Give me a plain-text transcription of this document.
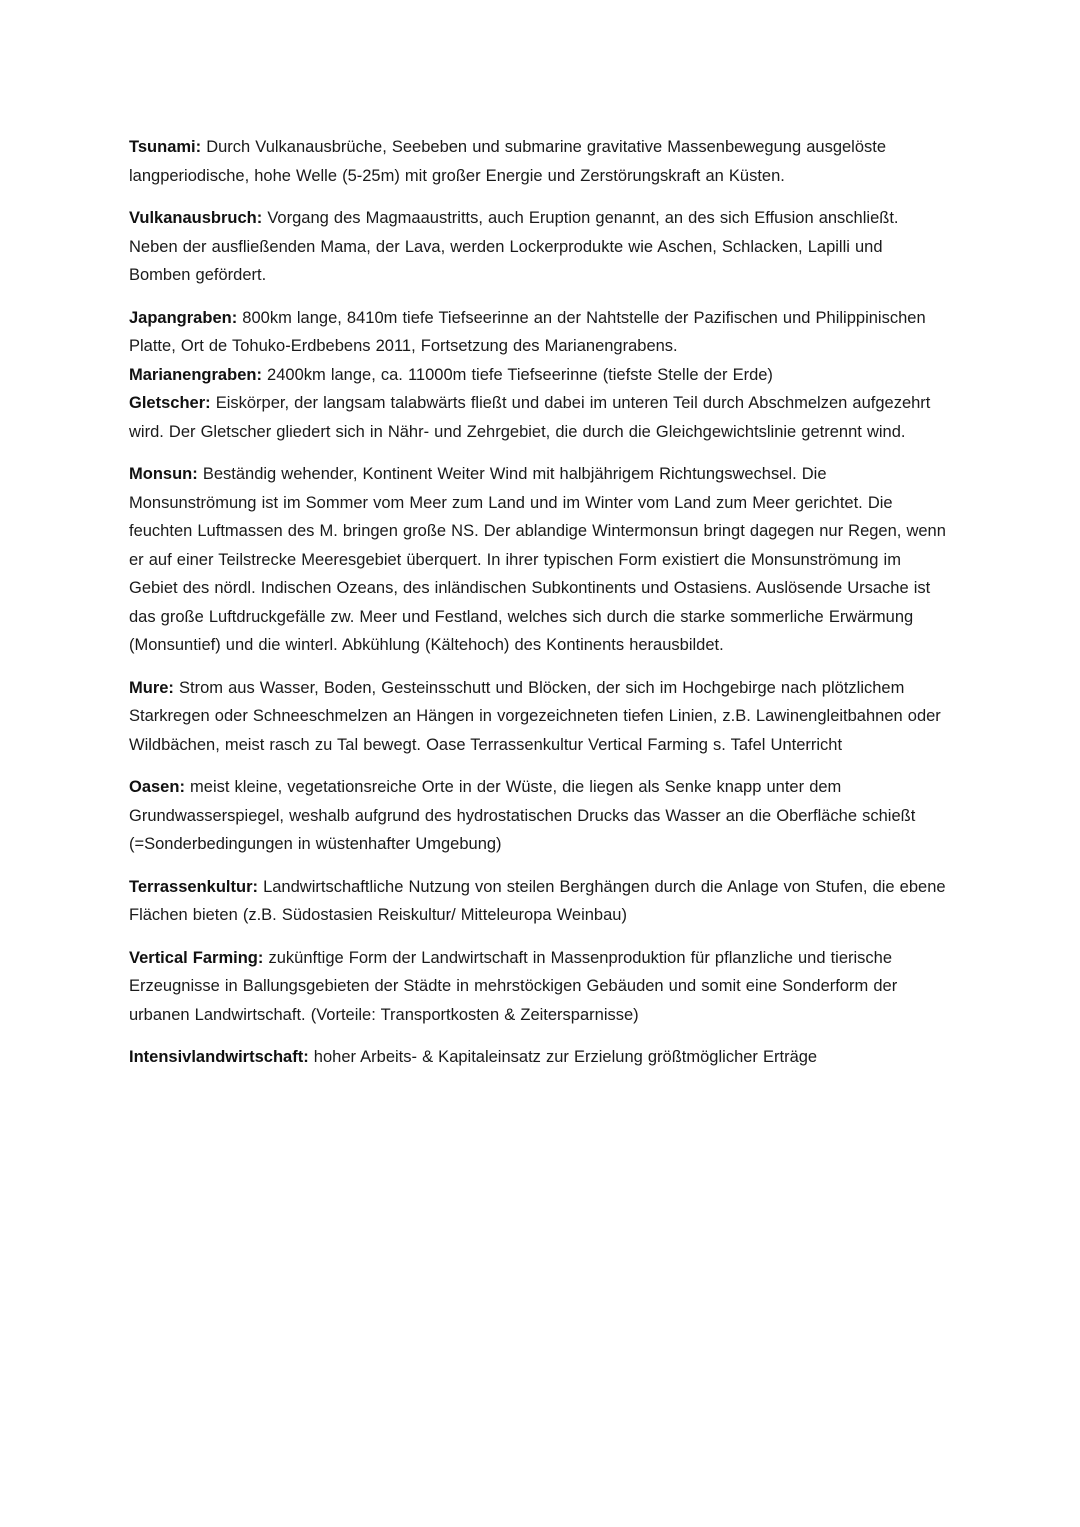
Tsunami: Durch Vulkanausbrüche, Seebeben und submarine gravitative Massenbewegung ausgelöste langperiodische, hohe Welle (5-25m) mit großer Energie und Zerstörungskraft an Küsten.

Vulkanausbruch: Vorgang des Magmaaustritts, auch Eruption genannt, an des sich Effusion anschließt. Neben der ausfließenden Mama, der Lava, werden Lockerprodukte wie Aschen, Schlacken, Lapilli und Bomben gefördert.

Japangraben: 800km lange, 8410m tiefe Tiefseerinne an der Nahtstelle der Pazifischen und Philippinischen Platte, Ort de Tohuko-Erdbebens 2011, Fortsetzung des Marianengrabens.
Marianengraben: 2400km lange, ca. 11000m tiefe Tiefseerinne (tiefste Stelle der Erde)
Gletscher: Eiskörper, der langsam talabwärts fließt und dabei im unteren Teil durch Abschmelzen aufgezehrt wird. Der Gletscher gliedert sich in Nähr- und Zehrgebiet, die durch die Gleichgewichtslinie getrennt wind.

Monsun: Beständig wehender, Kontinent Weiter Wind mit halbjährigem Richtungswechsel. Die Monsunströmung ist im Sommer vom Meer zum Land und im Winter vom Land zum Meer gerichtet. Die feuchten Luftmassen des M. bringen große NS. Der ablandige Wintermonsun bringt dagegen nur Regen, wenn er auf einer Teilstrecke Meeresgebiet überquert. In ihrer typischen Form existiert die Monsunströmung im Gebiet des nördl. Indischen Ozeans, des inländischen Subkontinents und Ostasiens. Auslösende Ursache ist das große Luftdruckgefälle zw. Meer und Festland, welches sich durch die starke sommerliche Erwärmung (Monsuntief) und die winterl. Abkühlung (Kältehoch) des Kontinents herausbildet.

Mure: Strom aus Wasser, Boden, Gesteinsschutt und Blöcken, der sich im Hochgebirge nach plötzlichem Starkregen oder Schneeschmelzen an Hängen in vorgezeichneten tiefen Linien, z.B. Lawinengleitbahnen oder Wildbächen, meist rasch zu Tal bewegt. Oase Terrassenkultur Vertical Farming s. Tafel Unterricht

Oasen: meist kleine, vegetationsreiche Orte in der Wüste, die liegen als Senke knapp unter dem Grundwasserspiegel, weshalb aufgrund des hydrostatischen Drucks das Wasser an die Oberfläche schießt (=Sonderbedingungen in wüstenhafter Umgebung)

Terrassenkultur: Landwirtschaftliche Nutzung von steilen Berghängen durch die Anlage von Stufen, die ebene Flächen bieten (z.B. Südostasien Reiskultur/ Mitteleuropa Weinbau)

Vertical Farming: zukünftige Form der Landwirtschaft in Massenproduktion für pflanzliche und tierische Erzeugnisse in Ballungsgebieten der Städte in mehrstöckigen Gebäuden und somit eine Sonderform der urbanen Landwirtschaft. (Vorteile: Transportkosten & Zeitersparnisse)

Intensivlandwirtschaft: hoher Arbeits- & Kapitaleinsatz zur Erzielung größtmöglicher Erträge
